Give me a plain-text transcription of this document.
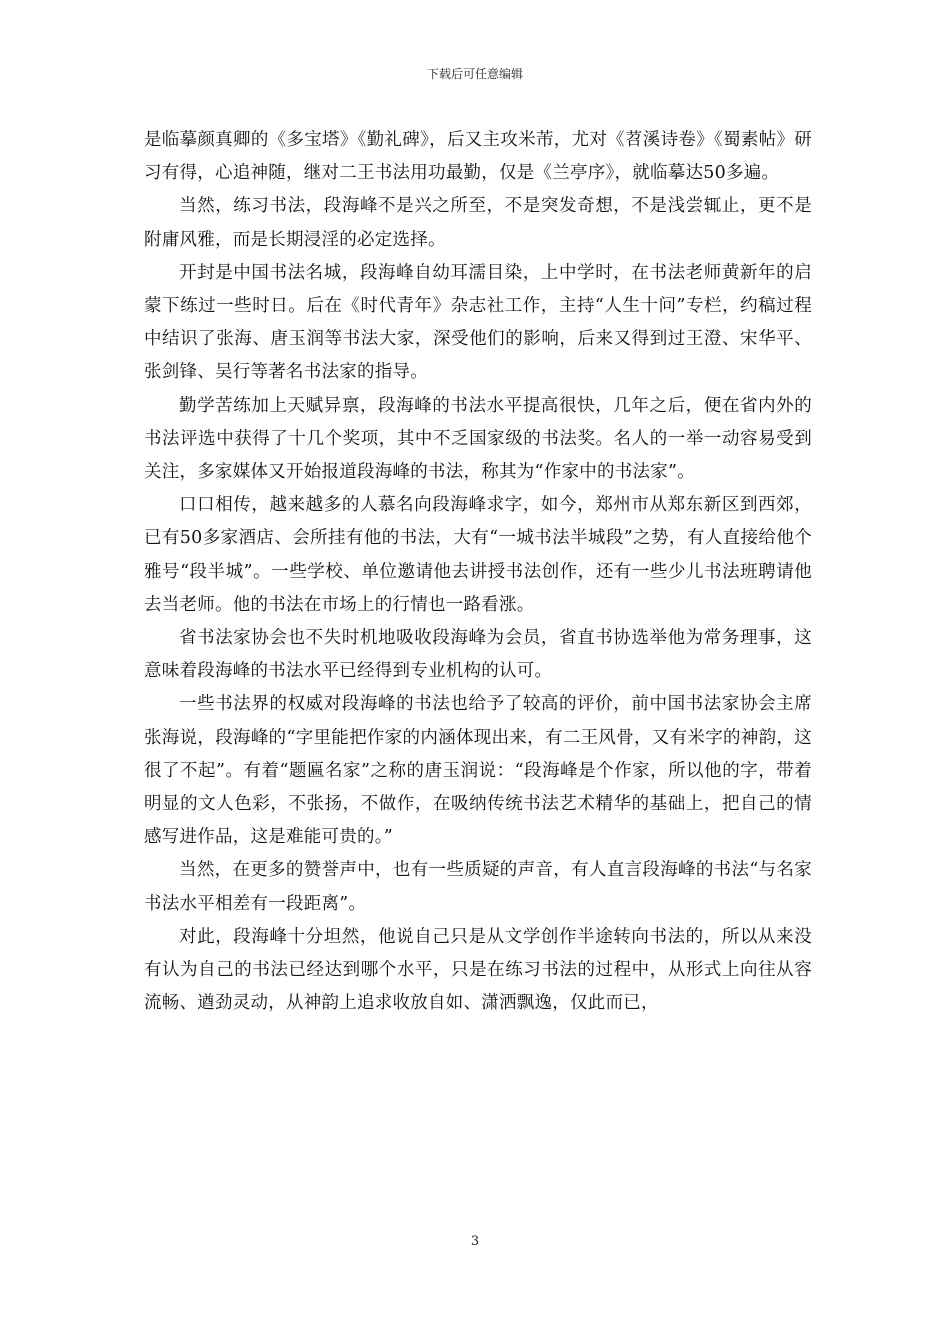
下载后可任意编辑

是临摹颜真卿的《多宝塔》《勤礼碑》，后又主攻米芾，尤对《苕溪诗卷》《蜀素帖》研习有得，心追神随，继对二王书法用功最勤，仅是《兰亭序》，就临摹达50多遍。

当然，练习书法，段海峰不是兴之所至，不是突发奇想，不是浅尝辄止，更不是附庸风雅，而是长期浸淫的必定选择。

开封是中国书法名城，段海峰自幼耳濡目染，上中学时，在书法老师黄新年的启蒙下练过一些时日。后在《时代青年》杂志社工作，主持“人生十问”专栏，约稿过程中结识了张海、唐玉润等书法大家，深受他们的影响，后来又得到过王澄、宋华平、张剑锋、吴行等著名书法家的指导。

勤学苦练加上天赋异禀，段海峰的书法水平提高很快，几年之后，便在省内外的书法评选中获得了十几个奖项，其中不乏国家级的书法奖。名人的一举一动容易受到关注，多家媒体又开始报道段海峰的书法，称其为“作家中的书法家”。

口口相传，越来越多的人慕名向段海峰求字，如今，郑州市从郑东新区到西郊，已有50多家酒店、会所挂有他的书法，大有“一城书法半城段”之势，有人直接给他个雅号“段半城”。一些学校、单位邀请他去讲授书法创作，还有一些少儿书法班聘请他去当老师。他的书法在市场上的行情也一路看涨。

省书法家协会也不失时机地吸收段海峰为会员，省直书协选举他为常务理事，这意味着段海峰的书法水平已经得到专业机构的认可。

一些书法界的权威对段海峰的书法也给予了较高的评价，前中国书法家协会主席张海说，段海峰的“字里能把作家的内涵体现出来，有二王风骨，又有米字的神韵，这很了不起”。有着“题匾名家”之称的唐玉润说：“段海峰是个作家，所以他的字，带着明显的文人色彩，不张扬，不做作，在吸纳传统书法艺术精华的基础上，把自己的情感写进作品，这是难能可贵的。”

当然，在更多的赞誉声中，也有一些质疑的声音，有人直言段海峰的书法“与名家书法水平相差有一段距离”。

对此，段海峰十分坦然，他说自己只是从文学创作半途转向书法的，所以从来没有认为自己的书法已经达到哪个水平，只是在练习书法的过程中，从形式上向往从容流畅、遒劲灵动，从神韵上追求收放自如、潇洒飘逸，仅此而已，

3
